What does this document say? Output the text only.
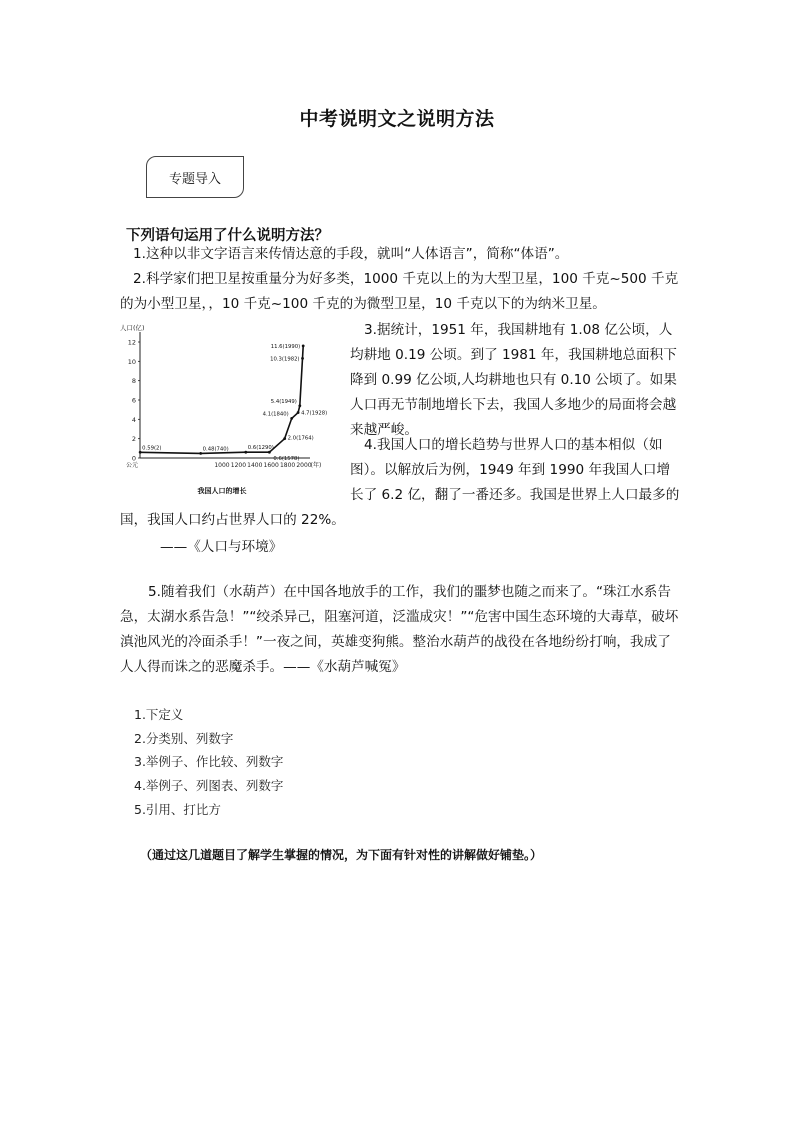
中考说明文之说明方法
专题导入
下列语句运用了什么说明方法？
1.这种以非文字语言来传情达意的手段，就叫“人体语言”，简称“体语”。
2.科学家们把卫星按重量分为好多类，1000 千克以上的为大型卫星，100 千克~500 千克的为小型卫星，，10 千克~100 千克的为微型卫星，10 千克以下的为纳米卫星。
人口(亿)
0
2
4
6
8
10
12
公元	1000 1200 1400 1600 1800 2000 (年)
0.59(2)	0.48(740)	0.6(1290)
0.6(1578)
2.0(1764)
4.1(1840) 4.7(1928)
5.4(1949)
10.3(1982)
11.6(1990)
我国人口的增长
3.据统计，1951 年，我国耕地有 1.08 亿公顷，人均耕地 0.19 公顷。到了 1981 年，我国耕地总面积下降到 0.99 亿公顷,人均耕地也只有 0.10 公顷了。如果人口再无节制地增长下去，我国人多地少的局面将会越来越严峻。
4.我国人口的增长趋势与世界人口的基本相似（如图）。以解放后为例，1949 年到 1990 年我国人口增长了 6.2 亿，翻了一番还多。我国是世界上人口最多的
国，我国人口约占世界人口的 22%。
——《人口与环境》
5.随着我们（水葫芦）在中国各地放手的工作，我们的噩梦也随之而来了。“珠江水系告急，太湖水系告急！”“绞杀异己，阻塞河道，泛滥成灾！”“危害中国生态环境的大毒草，破坏滇池风光的冷面杀手！”一夜之间，英雄变狗熊。整治水葫芦的战役在各地纷纷打响，我成了人人得而诛之的恶魔杀手。——《水葫芦喊冤》
1.下定义
2.分类别、列数字
3.举例子、作比较、列数字
4.举例子、列图表、列数字
5.引用、打比方
（通过这几道题目了解学生掌握的情况，为下面有针对性的讲解做好铺垫。）
